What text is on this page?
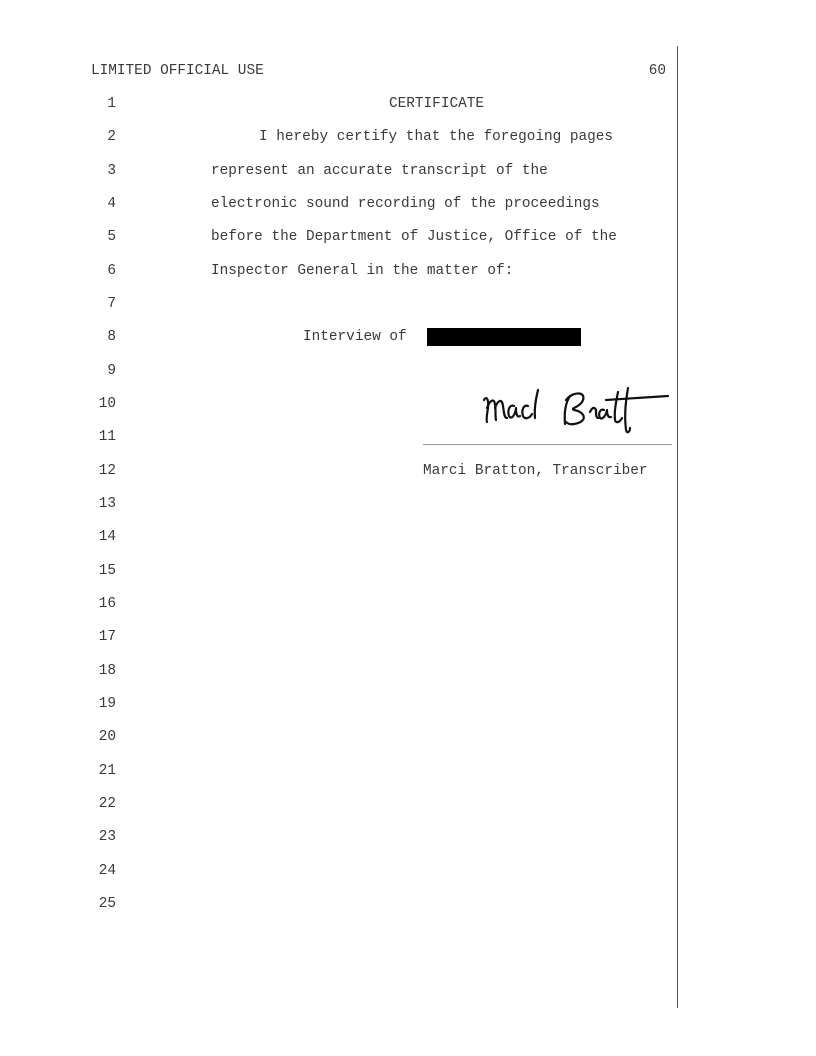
LIMITED OFFICIAL USE	60
1
2
3
4
5
6
7
8
9
10
11
12
13
14
15
16
17
18
19
20
21
22
23
24
25
CERTIFICATE
I hereby certify that the foregoing pages
represent an accurate transcript of the
electronic sound recording of the proceedings
before the Department of Justice, Office of the
Inspector General in the matter of:
Interview of
Marci Bratton, Transcriber
